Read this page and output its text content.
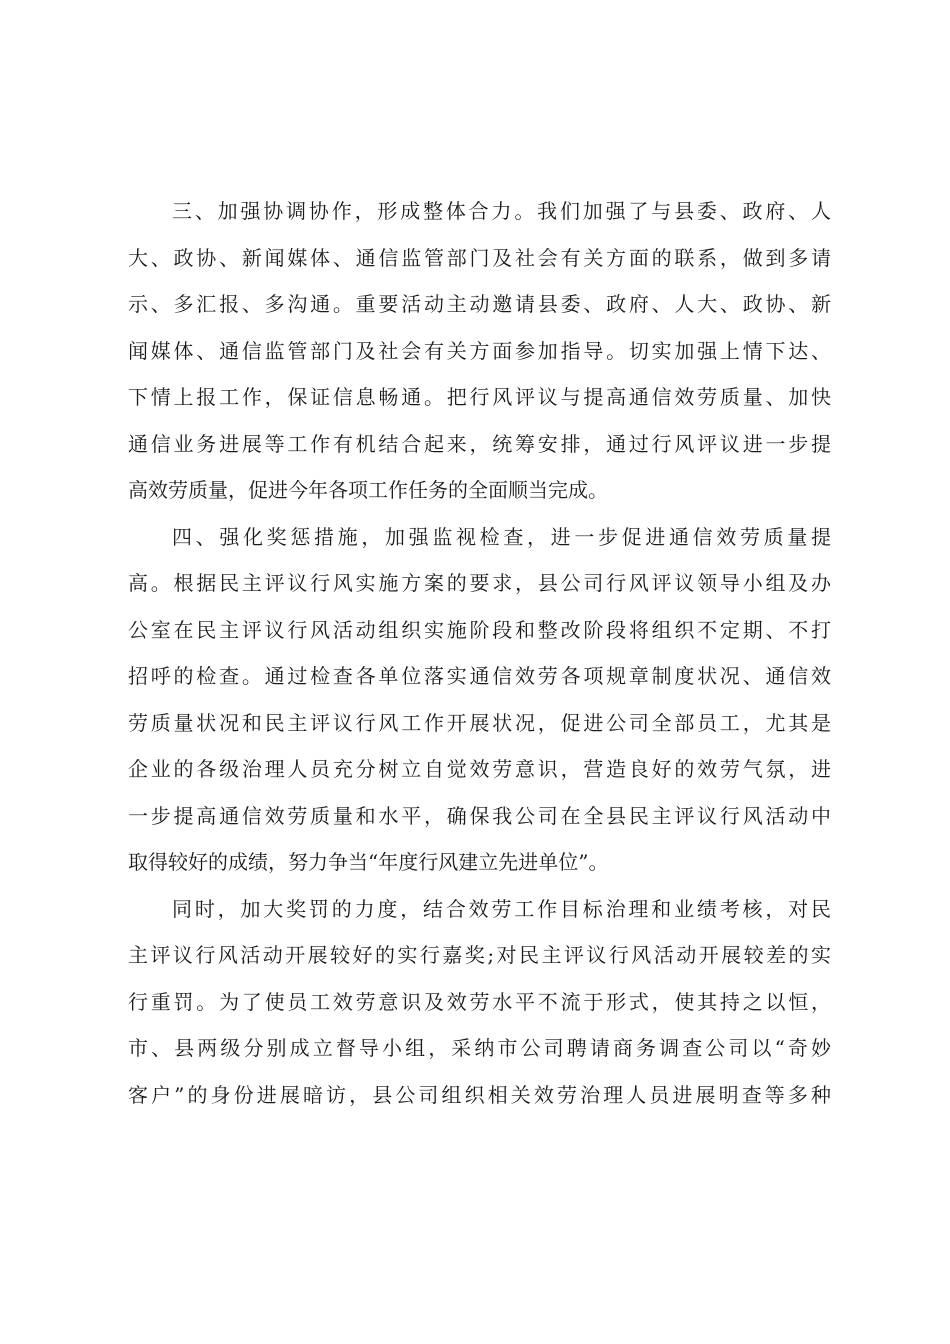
三、加强协调协作，形成整体合力。我们加强了与县委、政府、人
大、政协、新闻媒体、通信监管部门及社会有关方面的联系，做到多请
示、多汇报、多沟通。重要活动主动邀请县委、政府、人大、政协、新
闻媒体、通信监管部门及社会有关方面参加指导。切实加强上情下达、
下情上报工作，保证信息畅通。把行风评议与提高通信效劳质量、加快
通信业务进展等工作有机结合起来，统筹安排，通过行风评议进一步提
高效劳质量，促进今年各项工作任务的全面顺当完成。
四、强化奖惩措施，加强监视检查，进一步促进通信效劳质量提
高。根据民主评议行风实施方案的要求，县公司行风评议领导小组及办
公室在民主评议行风活动组织实施阶段和整改阶段将组织不定期、不打
招呼的检查。通过检查各单位落实通信效劳各项规章制度状况、通信效
劳质量状况和民主评议行风工作开展状况，促进公司全部员工，尤其是
企业的各级治理人员充分树立自觉效劳意识，营造良好的效劳气氛，进
一步提高通信效劳质量和水平，确保我公司在全县民主评议行风活动中
取得较好的成绩，努力争当“年度行风建立先进单位”。
同时，加大奖罚的力度，结合效劳工作目标治理和业绩考核，对民
主评议行风活动开展较好的实行嘉奖;对民主评议行风活动开展较差的实
行重罚。为了使员工效劳意识及效劳水平不流于形式，使其持之以恒，
市、县两级分别成立督导小组，采纳市公司聘请商务调查公司以“奇妙
客户”的身份进展暗访，县公司组织相关效劳治理人员进展明查等多种
